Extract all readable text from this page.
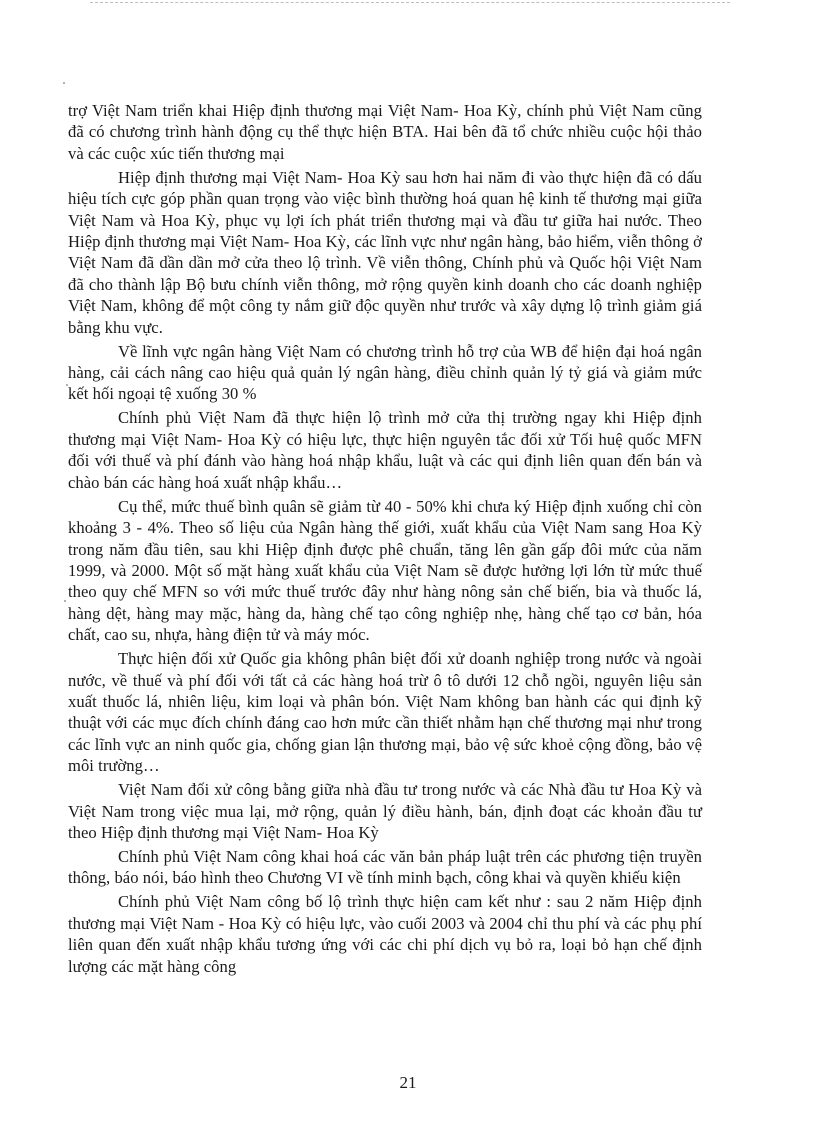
trợ Việt Nam triển khai Hiệp định thương mại Việt Nam- Hoa Kỳ, chính phủ Việt Nam cũng đã có chương trình hành động cụ thể thực hiện BTA. Hai bên đã tổ chức nhiều cuộc hội thảo và các cuộc xúc tiến thương mại

Hiệp định thương mại Việt Nam- Hoa Kỳ sau hơn hai năm đi vào thực hiện đã có dấu hiệu tích cực góp phần quan trọng vào việc bình thường hoá quan hệ kinh tế thương mại giữa Việt Nam và Hoa Kỳ, phục vụ lợi ích phát triển thương mại và đầu tư giữa hai nước. Theo Hiệp định thương mại Việt Nam- Hoa Kỳ, các lĩnh vực như ngân hàng, bảo hiểm, viễn thông ở Việt Nam đã dần dần mở cửa theo lộ trình. Về viễn thông, Chính phủ và Quốc hội Việt Nam đã cho thành lập Bộ bưu chính viễn thông, mở rộng quyền kinh doanh cho các doanh nghiệp Việt Nam, không để một công ty nắm giữ độc quyền như trước và xây dựng lộ trình giảm giá bằng khu vực.

Về lĩnh vực ngân hàng Việt Nam có chương trình hỗ trợ của WB để hiện đại hoá ngân hàng, cải cách nâng cao hiệu quả quản lý ngân hàng, điều chỉnh quản lý tỷ giá và giảm mức kết hối ngoại tệ xuống 30 %

Chính phủ Việt Nam đã thực hiện lộ trình mở cửa thị trường ngay khi Hiệp định thương mại Việt Nam- Hoa Kỳ có hiệu lực, thực hiện nguyên tắc đối xử Tối huệ quốc MFN đối với thuế và phí đánh vào hàng hoá nhập khẩu, luật và các qui định liên quan đến bán và chào bán các hàng hoá xuất nhập khẩu…

Cụ thể, mức thuế bình quân sẽ giảm từ 40 - 50% khi chưa ký Hiệp định xuống chỉ còn khoảng 3 - 4%. Theo số liệu của Ngân hàng thế giới, xuất khẩu của Việt Nam sang Hoa Kỳ trong năm đầu tiên, sau khi Hiệp định được phê chuẩn, tăng lên gần gấp đôi mức của năm 1999, và 2000. Một số mặt hàng xuất khẩu của Việt Nam sẽ được hưởng lợi lớn từ mức thuế theo quy chế MFN so với mức thuế trước đây như hàng nông sản chế biến, bia và thuốc lá, hàng dệt, hàng may mặc, hàng da, hàng chế tạo công nghiệp nhẹ, hàng chế tạo cơ bản, hóa chất, cao su, nhựa, hàng điện tử và máy móc.

Thực hiện đối xử Quốc gia không phân biệt đối xử doanh nghiệp trong nước và ngoài nước, về thuế và phí đối với tất cả các hàng hoá trừ ô tô dưới 12 chỗ ngồi, nguyên liệu sản xuất thuốc lá, nhiên liệu, kim loại và phân bón. Việt Nam không ban hành các qui định kỹ thuật với các mục đích chính đáng cao hơn mức cần thiết nhằm hạn chế thương mại như trong các lĩnh vực an ninh quốc gia, chống gian lận thương mại, bảo vệ sức khoẻ cộng đồng, bảo vệ môi trường…

Việt Nam đối xử công bằng giữa nhà đầu tư trong nước và các Nhà đầu tư Hoa Kỳ và Việt Nam trong việc mua lại, mở rộng, quản lý điều hành, bán, định đoạt các khoản đầu tư theo Hiệp định thương mại Việt Nam- Hoa Kỳ

Chính phủ Việt Nam công khai hoá các văn bản pháp luật trên các phương tiện truyền thông, báo nói, báo hình theo Chương VI về tính minh bạch, công khai và quyền khiếu kiện

Chính phủ Việt Nam công bố lộ trình thực hiện cam kết như : sau 2 năm Hiệp định thương mại Việt Nam - Hoa Kỳ có hiệu lực, vào cuối 2003 và 2004 chỉ thu phí và các phụ phí liên quan đến xuất nhập khẩu tương ứng với các chi phí dịch vụ bỏ ra, loại bỏ hạn chế định lượng các mặt hàng công

21
